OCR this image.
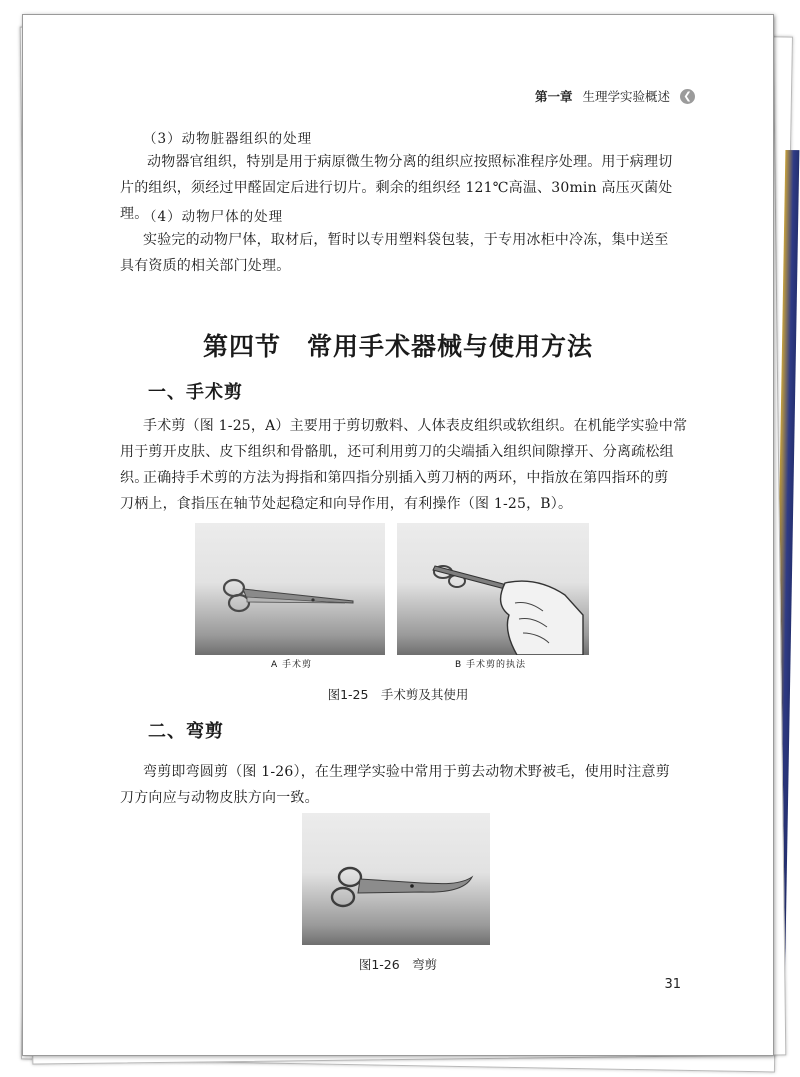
第一章 生理学实验概述	❮
（3）动物脏器组织的处理

动物器官组织，特别是用于病原微生物分离的组织应按照标准程序处理。用于病理切

片的组织，须经过甲醛固定后进行切片。剩余的组织经 121℃高温、30min 高压灭菌处理。

（4）动物尸体的处理

实验完的动物尸体，取材后，暂时以专用塑料袋包装，于专用冰柜中冷冻，集中送至

具有资质的相关部门处理。

第四节　常用手术器械与使用方法
一、手术剪

手术剪（图 1-25，A）主要用于剪切敷料、人体表皮组织或软组织。在机能学实验中常

用于剪开皮肤、皮下组织和骨骼肌，还可利用剪刀的尖端插入组织间隙撑开、分离疏松组织。

正确持手术剪的方法为拇指和第四指分别插入剪刀柄的两环，中指放在第四指环的剪

刀柄上，食指压在轴节处起稳定和向导作用，有利操作（图 1-25，B）。

A 手术剪	B 手术剪的执法
图1-25　手术剪及其使用
二、弯剪

弯剪即弯圆剪（图 1-26），在生理学实验中常用于剪去动物术野被毛，使用时注意剪

刀方向应与动物皮肤方向一致。

图1-26　弯剪
31
